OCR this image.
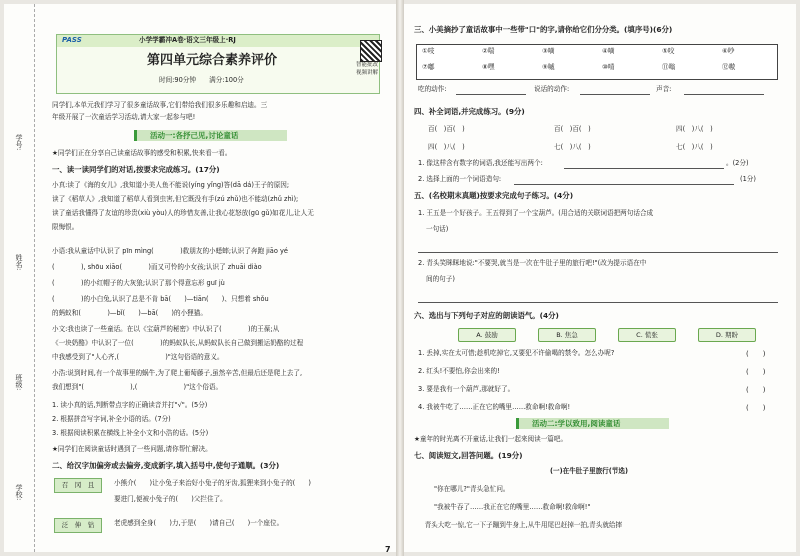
学号:
姓名:
班级:
学校:
小学学霸冲A卷·语文三年级上·RJ
第四单元综合素养评价
时间:90分钟　　满分:100分
PASS
智能批改
视频讲解
同学们,本单元我们学习了很多童话故事,它们带给我们很多乐趣和启迪。三
年级开展了一次童话学习活动,请大家一起参与吧!
活动一:各抒己见,讨论童话
★同学们正在分享自己读童话故事的感受和积累,快来看一看。
一、读一读同学们的对话,按要求完成练习。(17分)
小真:读了《海的女儿》,我知道小美人鱼不能说(yíng yǐng)答(dā dá)王子的原因;
读了《稻草人》,我知道了稻草人看到虫害,但它既没有手(zú zhǔ)也不能动(zhǔ zhì);
读了童话我懂得了友谊的珍贵(xiù yòu)人的珍惜友善,让我心花怒放(gū gǔ)如花儿,让人无
限悔恨。
小语:我从童话中认识了 pīn mìng(　　　　)救朋友的小蟋蟀;认识了奔跑 jiāo yé
(　　　　), shōu xiāo(　　　　)而又可怜的小女孩;认识了 zhuāi diào
(　　　　)的小红帽子的大灰狼;认识了那个得意忘形 guī jù
(　　　　)的小白兔,认识了总是不肯 bā(　　)—tiān(　　)、只想着 shǒu
的蚂蚁和(　　　　)—bǐ(　　)—bā(　　)的小狸猫。
小文:我也读了一些童话。在以《宝葫芦的秘密》中认识了(　　　　)的王葆;从
《一块奶酪》中认识了一位(　　　　)的蚂蚁队长,从蚂蚁队长自己做到搬运奶酪的过程
中我感受到了"人心齐,(　　　　　　　)"这句俗语的意义。
小浩:说到时间,有一个故事里的蜗牛,为了爬上葡萄藤子,虽然辛苦,但最后还是爬上去了,
我们想到"(　　　　　　　),(　　　　　　　)"这个俗语。
1. 读小真的话,判断带点字的正确读音并打"√"。(5分)
2. 根据拼音写字词,补全小语的话。(7分)
3. 根据阅读积累在横线上补全小文和小浩的话。(5分)
★同学们在阅读童话时遇到了一些问题,请你帮忙解决。
二、给汉字加偏旁或去偏旁,变成新字,填入括号中,使句子通顺。(3分)
召　冈　且	小熊介(　　)让小兔子来治好小兔子的牙齿,狐狸来到小兔子的(　　)
要进门,便被小兔子的(　　)父拦住了。
泛　伸　钻	老虎感到全身(　　)力,于是(　　)请自己(　　)一个座位。
7
三、小美摘抄了童话故事中一些带"口"的字,请你给它们分分类。(填序号)(6分)
①吱	②喘	③嘀	④嘀	⑤咬	⑥吵
⑦嘟	⑧嘿	⑨嘁	⑩啃	⑪嗡	⑫嗷
吃的动作:	说话的动作:	声音:
四、补全词语,并完成练习。(9分)
百(　)百(　)	百(　)百(　)	四(　)八(　)
四(　)八(　)	七(　)八(　)	七(　)八(　)
1. 像这样含有数字的词语,我还能写出两个:	。(2分)
2. 选择上面的一个词语造句:	(1分)
五、(名校期末真题)按要求完成句子练习。(4分)
1. 王五是一个好孩子。王五得到了一个宝葫芦。(用合适的关联词语把两句话合成
一句话)
2. 青头笑眯眯地说:"不要哭,就当是一次在牛肚子里的旅行吧!"(改为提示语在中
间的句子)
六、选出与下列句子对应的朗读语气。(4分)
A. 鼓励	B. 焦急	C. 慌张	D. 期盼
1. 丢掉,实在太可惜;趁机吃掉它,又要犯不许偷喝的禁令。怎么办呢?	(　　)
2. 红头!不要怕,你会出来的!	(　　)
3. 要是我有一个葫芦,那就好了。	(　　)
4. 我被牛吃了……正在它的嘴里……救命啊!救命啊!	(　　)
活动二:学以致用,阅读童话
★童年的时光离不开童话,让我们一起来阅读一篇吧。
七、阅读短文,回答问题。(19分)
(一)在牛肚子里旅行(节选)
"你在哪儿?"青头急忙问。
"我被牛吞了……我正在它的嘴里……救命啊!救命啊!"
　青头大吃一惊,它一下子蹦到牛身上,从牛用尾巴赶掉一拍,青头就给摔
